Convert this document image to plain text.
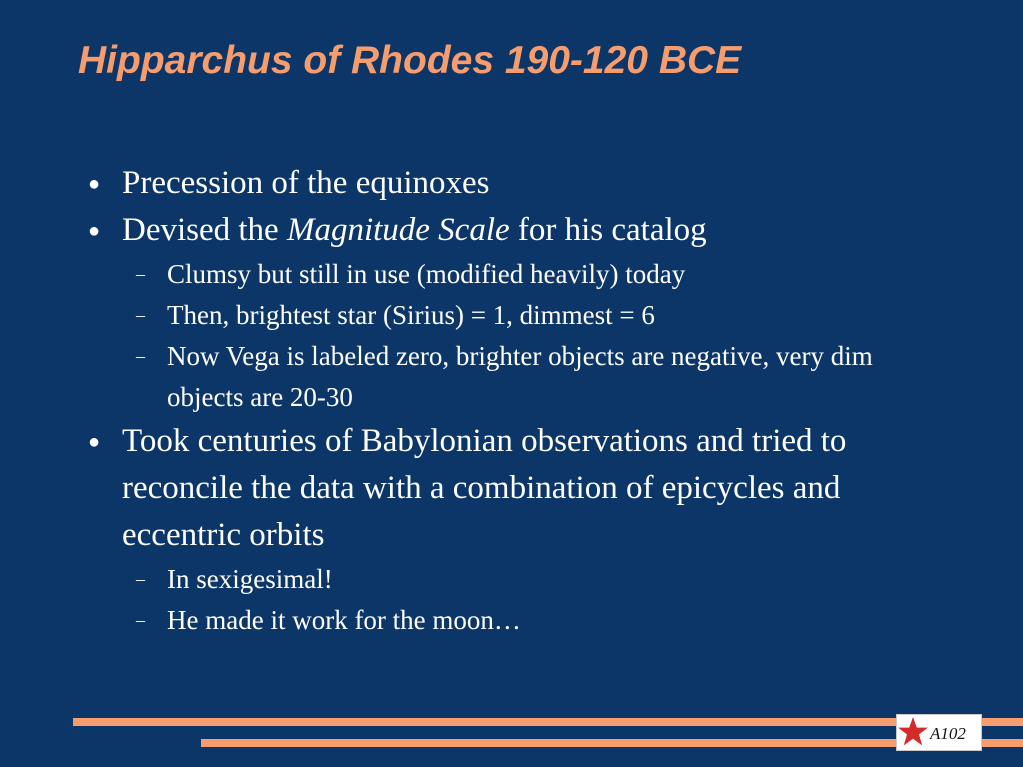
Hipparchus of Rhodes 190-120 BCE
● Precession of the equinoxes
● Devised the Magnitude Scale for his catalog
– Clumsy but still in use (modified heavily) today
– Then, brightest star (Sirius) = 1, dimmest = 6
– Now Vega is labeled zero, brighter objects are negative, very dim objects are 20-30
● Took centuries of Babylonian observations and tried to reconcile the data with a combination of epicycles and eccentric orbits
– In sexigesimal!
– He made it work for the moon…
A102
